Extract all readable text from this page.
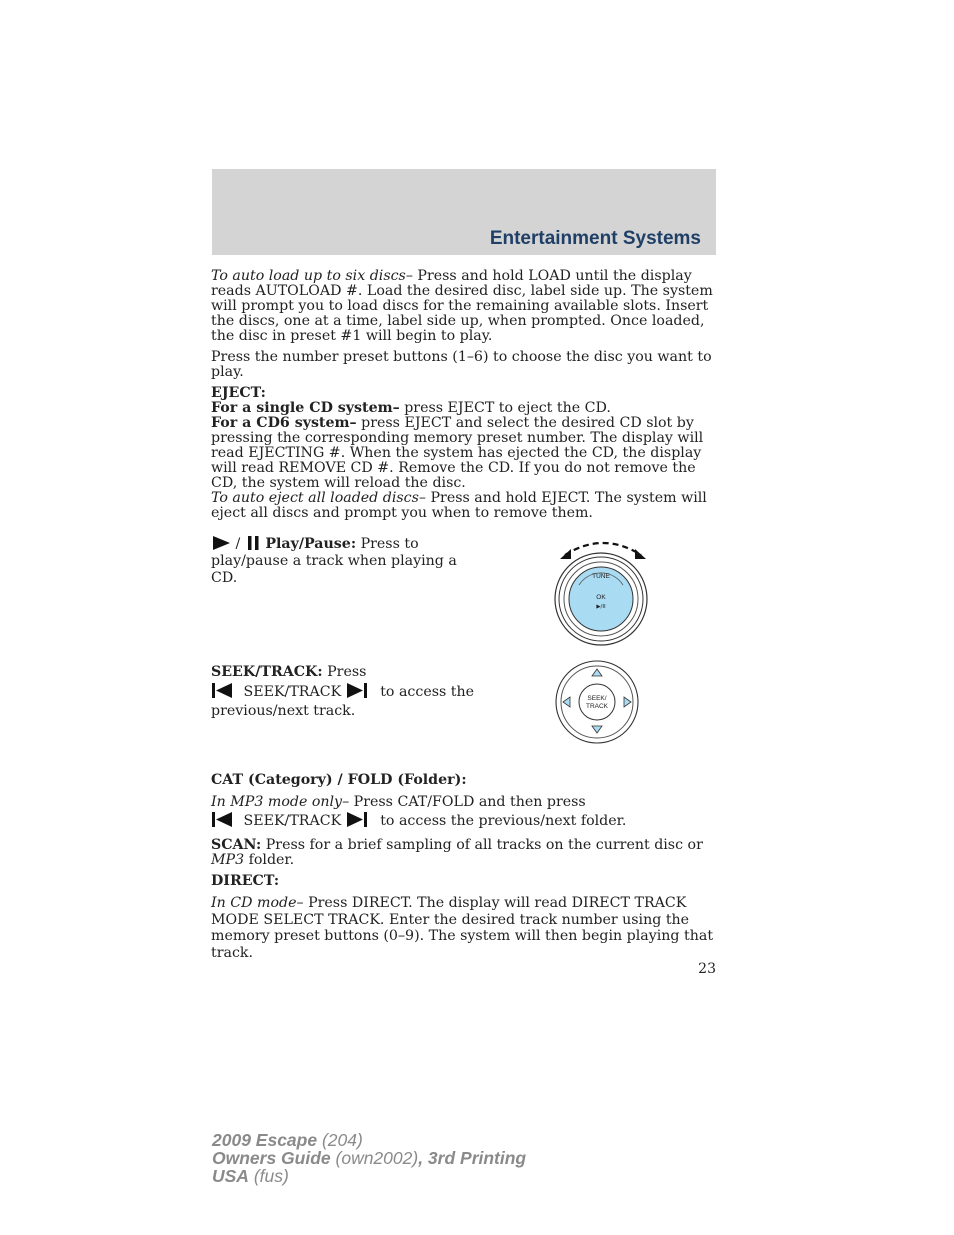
Entertainment Systems

To auto load up to six discs– Press and hold LOAD until the display reads AUTOLOAD #. Load the desired disc, label side up. The system will prompt you to load discs for the remaining available slots. Insert the discs, one at a time, label side up, when prompted. Once loaded, the disc in preset #1 will begin to play.

Press the number preset buttons (1–6) to choose the disc you want to play.

EJECT:

For a single CD system– press EJECT to eject the CD.

For a CD6 system– press EJECT and select the desired CD slot by pressing the corresponding memory preset number. The display will read EJECTING #. When the system has ejected the CD, the display will read REMOVE CD #. Remove the CD. If you do not remove the CD, the system will reload the disc.

To auto eject all loaded discs– Press and hold EJECT. The system will eject all discs and prompt you when to remove them.

/ Play/Pause: Press to play/pause a track when playing a CD.	TUNE
OK
▶/II
SEEK/TRACK: Press
SEEK/TRACK	to access the
previous/next track.
SEEK/
TRACK

CAT (Category) / FOLD (Folder):

In MP3 mode only– Press CAT/FOLD and then press
SEEK/TRACK	to access the previous/next folder.

SCAN: Press for a brief sampling of all tracks on the current disc or MP3 folder.

DIRECT:

In CD mode– Press DIRECT. The display will read DIRECT TRACK MODE SELECT TRACK. Enter the desired track number using the memory preset buttons (0–9). The system will then begin playing that track.

23
2009 Escape (204)
Owners Guide (own2002), 3rd Printing
USA (fus)
